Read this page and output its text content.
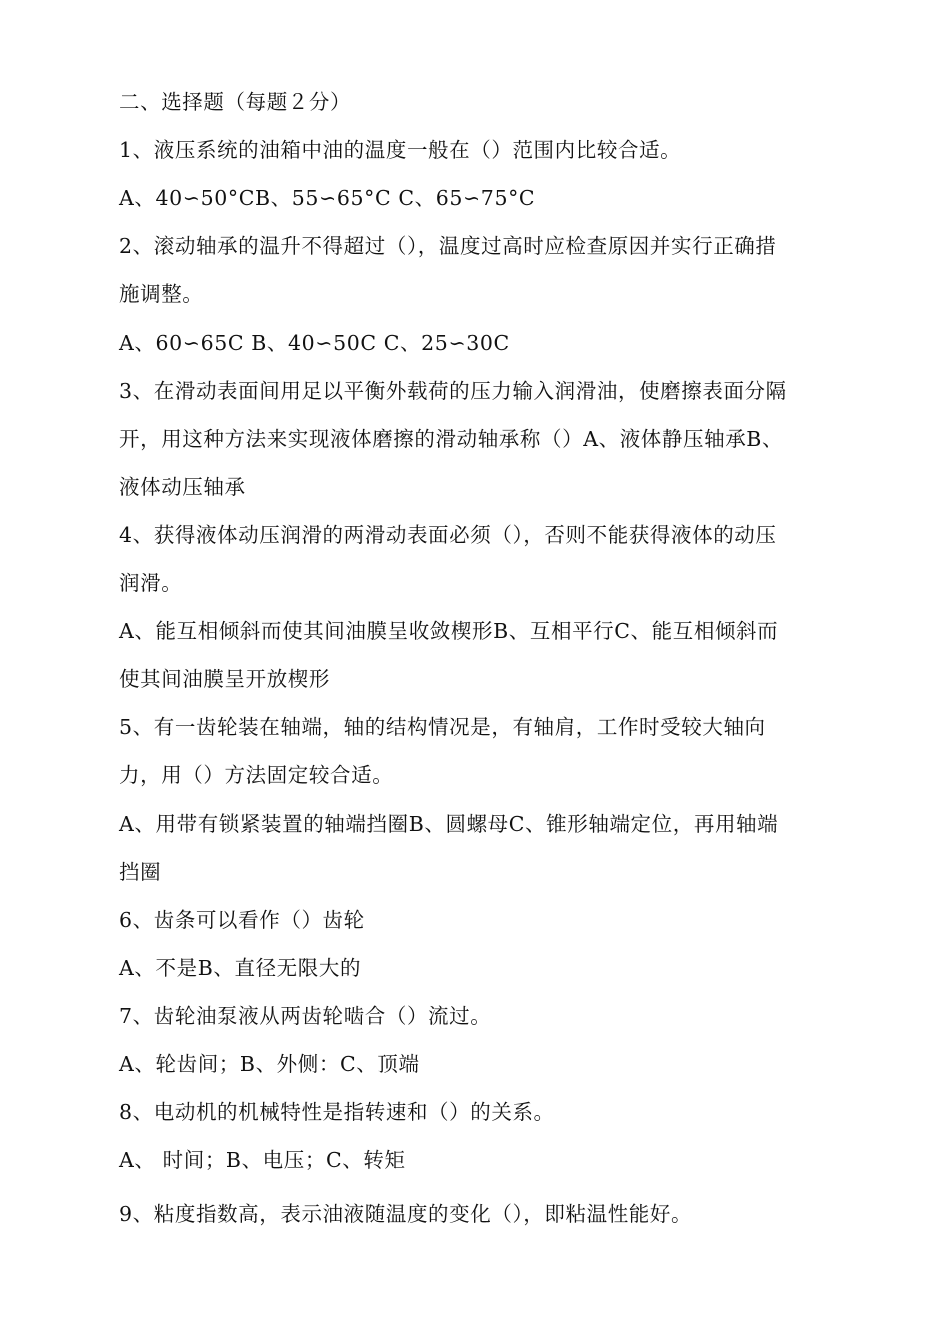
二、选择题（每题２分）
1、液压系统的油箱中油的温度一般在（）范围内比较合适。
A、40∽50°CB、55∽65°C C、65∽75°C
2、滚动轴承的温升不得超过（），温度过高时应检查原因并实行正确措
施调整。
A、60∽65C B、40∽50C C、25∽30C
3、在滑动表面间用足以平衡外载荷的压力输入润滑油，使磨擦表面分隔
开，用这种方法来实现液体磨擦的滑动轴承称（）A、液体静压轴承B、
液体动压轴承
4、获得液体动压润滑的两滑动表面必须（），否则不能获得液体的动压
润滑。
A、能互相倾斜而使其间油膜呈收敛楔形B、互相平行C、能互相倾斜而
使其间油膜呈开放楔形
5、有一齿轮装在轴端，轴的结构情况是，有轴肩，工作时受较大轴向
力，用（）方法固定较合适。
A、用带有锁紧装置的轴端挡圈B、圆螺母C、锥形轴端定位，再用轴端
挡圈
6、齿条可以看作（）齿轮
A、不是B、直径无限大的
7、齿轮油泵液从两齿轮啮合（）流过。
A、轮齿间；B、外侧：C、顶端
8、电动机的机械特性是指转速和（）的关系。
A、 时间；B、电压；C、转矩
9、粘度指数高，表示油液随温度的变化（），即粘温性能好。
